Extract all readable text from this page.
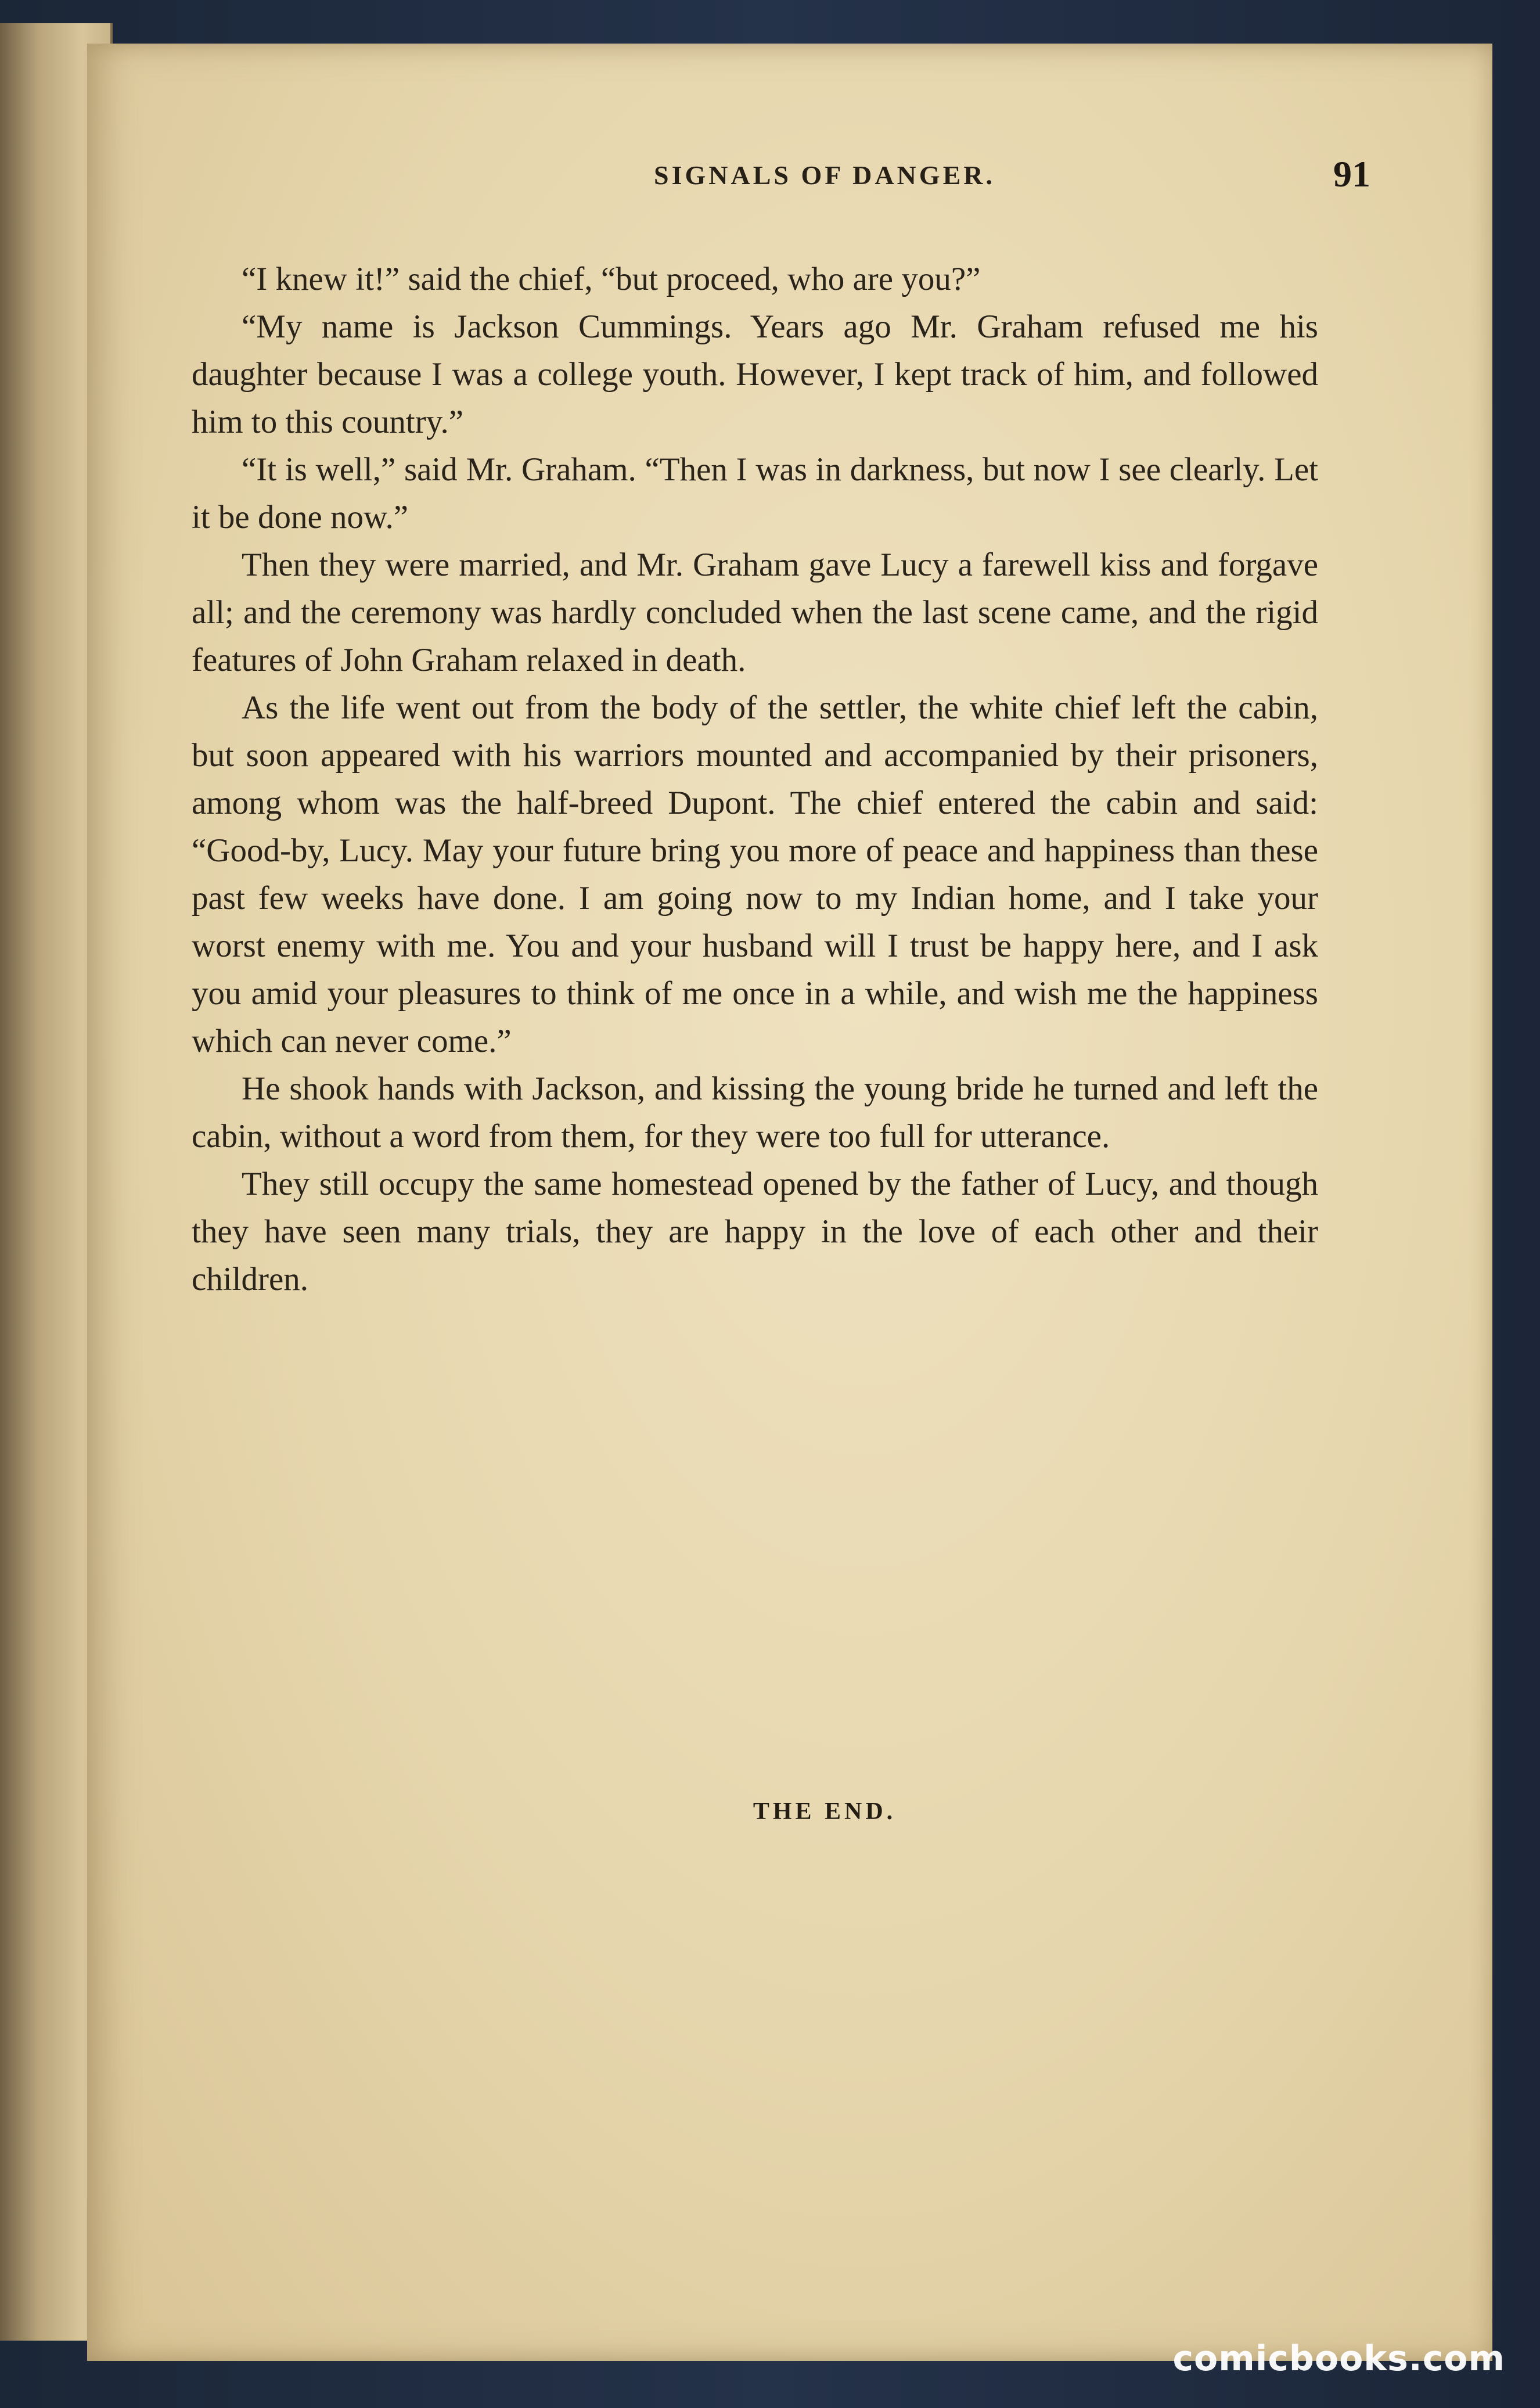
SIGNALS OF DANGER.	91

“I knew it!” said the chief, “but proceed, who are you?”

“My name is Jackson Cummings. Years ago Mr. Graham refused me his daughter because I was a college youth. However, I kept track of him, and followed him to this country.”

“It is well,” said Mr. Graham. “Then I was in darkness, but now I see clearly. Let it be done now.”

Then they were married, and Mr. Graham gave Lucy a farewell kiss and forgave all; and the ceremony was hardly concluded when the last scene came, and the rigid features of John Graham relaxed in death.

As the life went out from the body of the settler, the white chief left the cabin, but soon appeared with his warriors mounted and accompanied by their prisoners, among whom was the half-breed Dupont. The chief entered the cabin and said: “Good-by, Lucy. May your future bring you more of peace and happiness than these past few weeks have done. I am going now to my Indian home, and I take your worst enemy with me. You and your husband will I trust be happy here, and I ask you amid your pleasures to think of me once in a while, and wish me the happiness which can never come.”

He shook hands with Jackson, and kissing the young bride he turned and left the cabin, without a word from them, for they were too full for utterance.

They still occupy the same homestead opened by the father of Lucy, and though they have seen many trials, they are happy in the love of each other and their children.

THE END.
comicbooks.com
